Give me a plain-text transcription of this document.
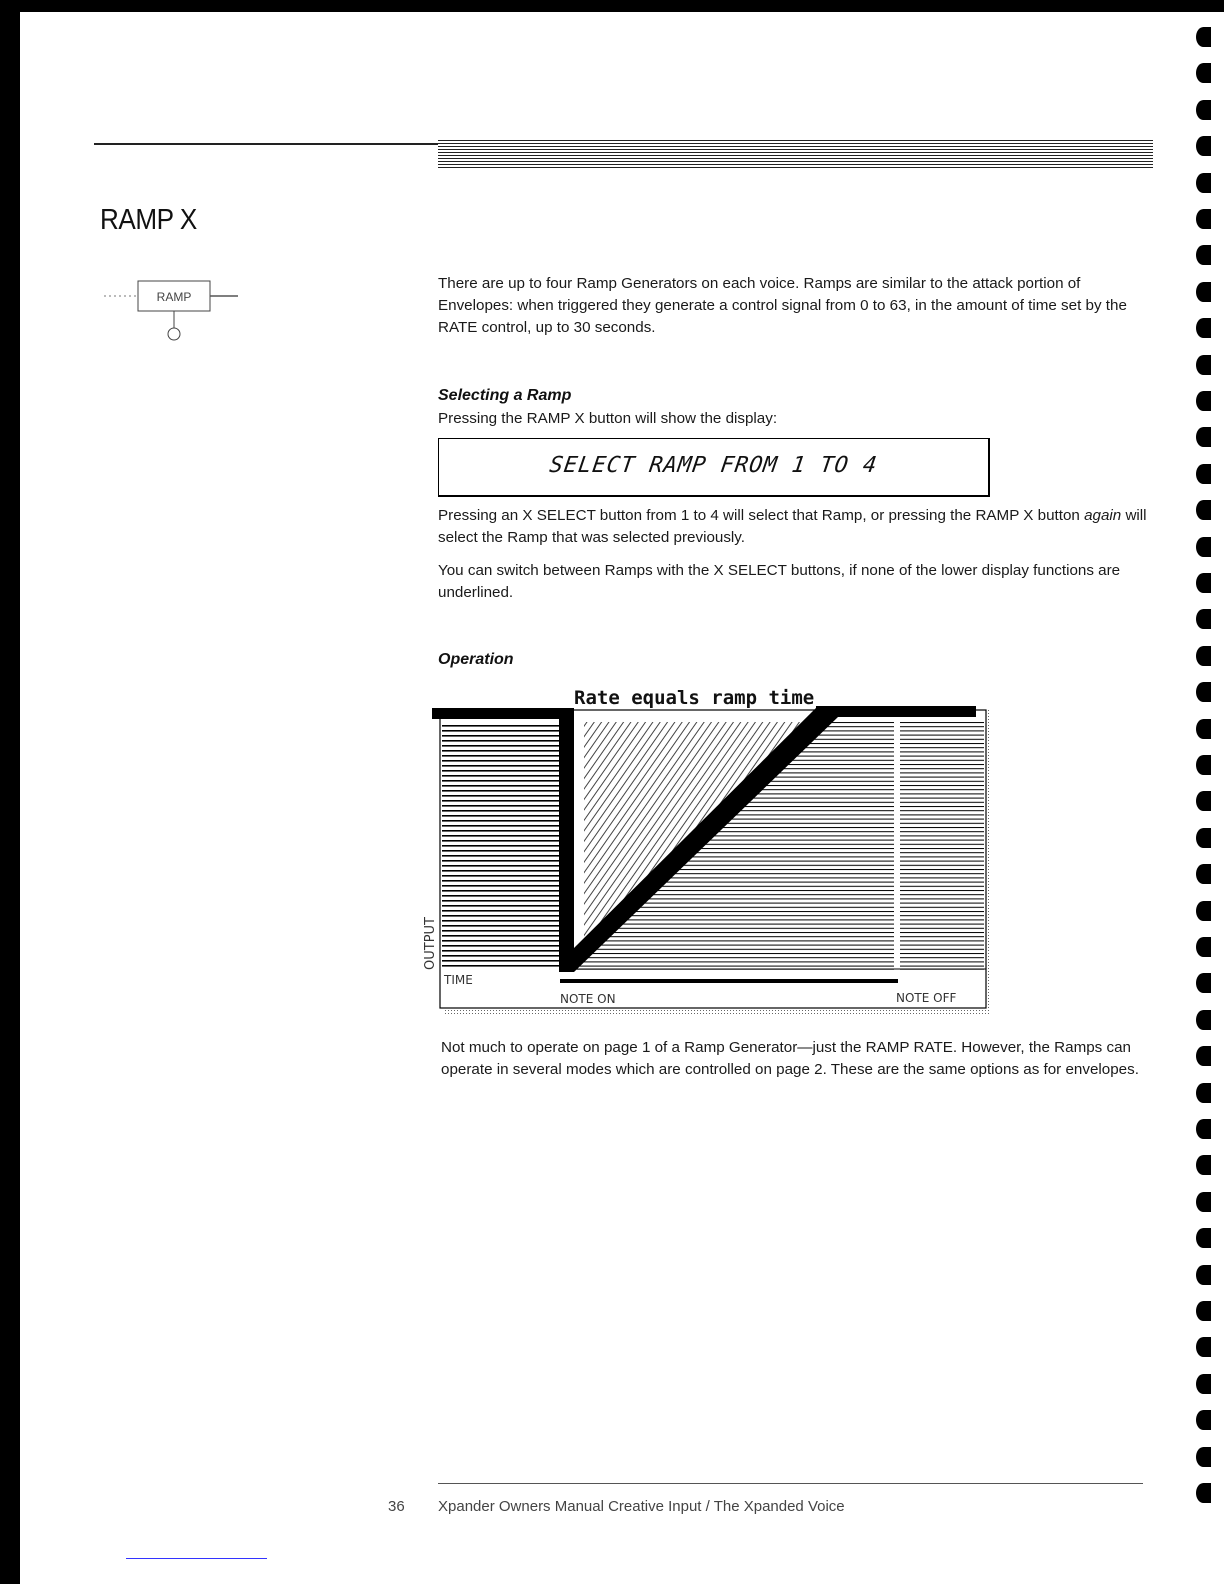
RAMP X
RAMP
There are up to four Ramp Generators on each voice. Ramps are similar to the attack portion of Envelopes: when triggered they generate a control signal from 0 to 63, in the amount of time set by the RATE control, up to 30 seconds.
Selecting a Ramp
Pressing the RAMP X button will show the display:
SELECT RAMP FROM 1 TO 4
Pressing an X SELECT button from 1 to 4 will select that Ramp, or pressing the RAMP X button again will select the Ramp that was selected previously.
You can switch between Ramps with the X SELECT buttons, if none of the lower display functions are underlined.
Operation
Rate equals ramp time
OUTPUT
TIME
NOTE ON	NOTE OFF
Not much to operate on page 1 of a Ramp Generator—just the RAMP RATE. However, the Ramps can operate in several modes which are controlled on page 2. These are the same options as for envelopes.
36 Xpander Owners Manual Creative Input / The Xpanded Voice
